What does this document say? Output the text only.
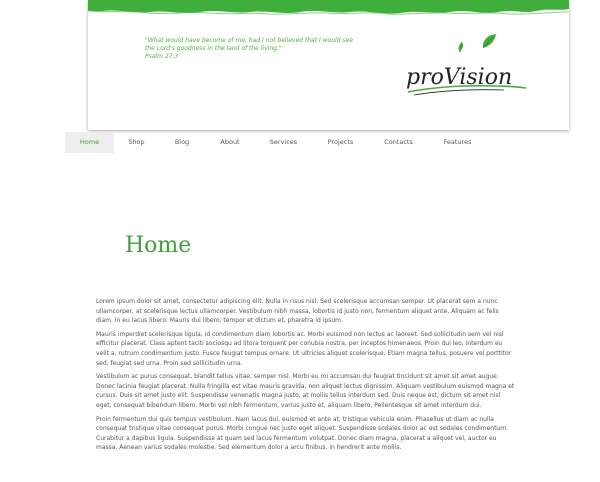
"What would have become of me, had I not believed that I would see
the Lord's goodness in the land of the living."
Psalm 27:3
proVision
Home	Shop	Blog	About	Services	Projects	Contacts	Features
Home

Lorem ipsum dolor sit amet, consectetur adipiscing elit. Nulla in risus nisl. Sed scelerisque accumsan semper. Ut placerat sem a nunc ullamcorper, at scelerisque lectus ullamcorper. Vestibulum nibh massa, lobortis id justo non, fermentum aliquet ante. Aliquam ac felis diam. In eu lacus libero. Mauris dui libero, tempor et dictum et, pharetra id ipsum.

Mauris imperdiet scelerisque ligula, id condimentum diam lobortis ac. Morbi euismod non lectus ac laoreet. Sed sollicitudin sem vel nisl efficitur placerat. Class aptent taciti sociosqu ad litora torquent per conubia nostra, per inceptos himenaeos. Proin dui leo, interdum eu velit a, rutrum condimentum justo. Fusce feugiat tempus ornare. Ut ultricies aliquet scelerisque. Etiam magna tellus, posuere vel porttitor sed, feugiat sed urna. Proin sed sollicitudin urna.

Vestibulum ac purus consequat, blandit tellus vitae, semper nisl. Morbi eu mi accumsan dui feugiat tincidunt sit amet sit amet augue. Donec lacinia feugiat placerat. Nulla fringilla est vitae mauris gravida, non aliquet lectus dignissim. Aliquam vestibulum euismod magna et cursus. Duis sit amet justo elit. Suspendisse venenatis magna justo, at mollis tellus interdum sed. Duis neque est, dictum sit amet nisl eget, consequat bibendum libero. Morbi vel nibh fermentum, varius justo et, aliquam libero. Pellentesque sit amet interdum dui.

Proin fermentum dui quis tempus vestibulum. Nam lacus dui, euismod et ante at, tristique vehicula enim. Phasellus ut diam ac nulla consequat tristique vitae consequat purus. Morbi congue nec justo eget aliquet. Suspendisse sodales dolor ac est sodales condimentum. Curabitur a dapibus ligula. Suspendisse at quam sed lacus fermentum volutpat. Donec diam magna, placerat a aliquet vel, auctor eu massa. Aenean varius sodales molestie. Sed elementum dolor a arcu finibus, in hendrerit ante mollis.
